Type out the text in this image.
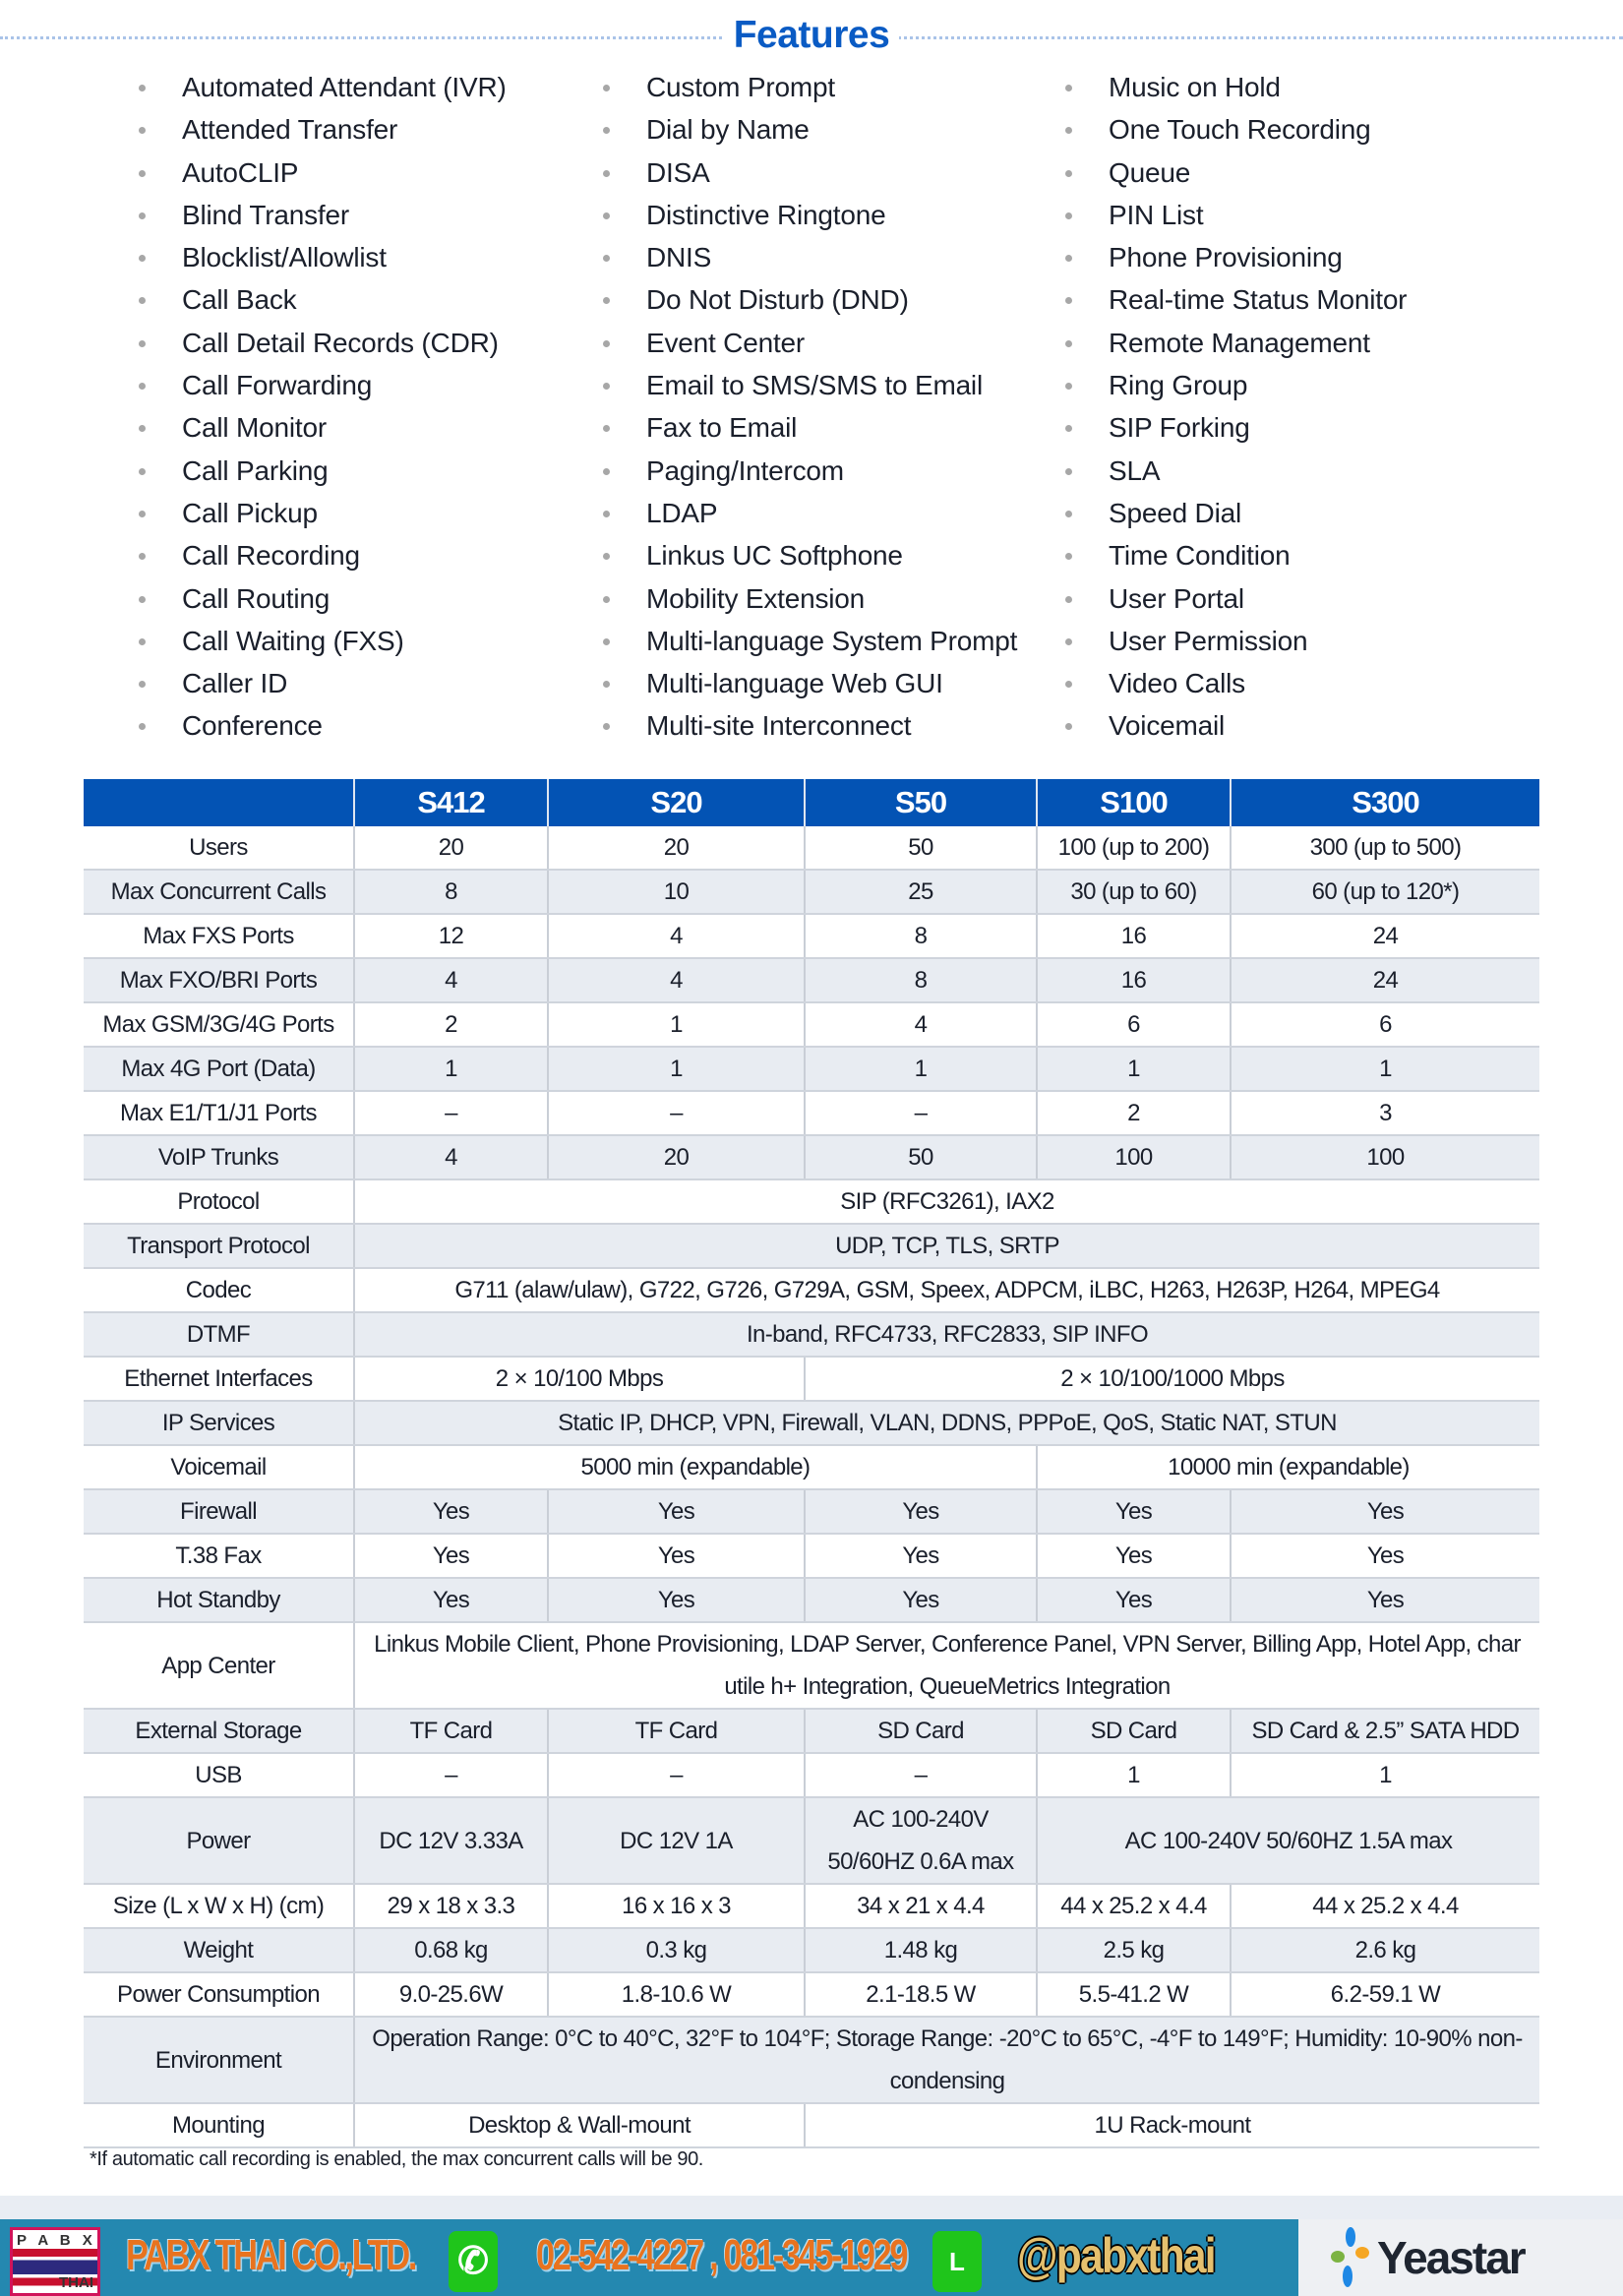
Features
Automated Attendant (IVR)
Attended Transfer
AutoCLIP
Blind Transfer
Blocklist/Allowlist
Call Back
Call Detail Records (CDR)
Call Forwarding
Call Monitor
Call Parking
Call Pickup
Call Recording
Call Routing
Call Waiting (FXS)
Caller ID
Conference
Custom Prompt
Dial by Name
DISA
Distinctive Ringtone
DNIS
Do Not Disturb (DND)
Event Center
Email to SMS/SMS to Email
Fax to Email
Paging/Intercom
LDAP
Linkus UC Softphone
Mobility Extension
Multi-language System Prompt
Multi-language Web GUI
Multi-site Interconnect
Music on Hold
One Touch Recording
Queue
PIN List
Phone Provisioning
Real-time Status Monitor
Remote Management
Ring Group
SIP Forking
SLA
Speed Dial
Time Condition
User Portal
User Permission
Video Calls
Voicemail
	S412	S20	S50	S100	S300
Users	20	20	50	100 (up to 200)	300 (up to 500)
Max Concurrent Calls	8	10	25	30 (up to 60)	60 (up to 120*)
Max FXS Ports	12	4	8	16	24
Max FXO/BRI Ports	4	4	8	16	24
Max GSM/3G/4G Ports	2	1	4	6	6
Max 4G Port (Data)	1	1	1	1	1
Max E1/T1/J1 Ports	–	–	–	2	3
VoIP Trunks	4	20	50	100	100
Protocol	SIP (RFC3261), IAX2				
Transport Protocol	UDP, TCP, TLS, SRTP				
Codec	G711 (alaw/ulaw), G722, G726, G729A, GSM, Speex, ADPCM, iLBC, H263, H263P, H264, MPEG4				
DTMF	In-band, RFC4733, RFC2833, SIP INFO				
Ethernet Interfaces	2 × 10/100 Mbps		2 × 10/100/1000 Mbps		
IP Services	Static IP, DHCP, VPN, Firewall, VLAN, DDNS, PPPoE, QoS, Static NAT, STUN				
Voicemail	5000 min (expandable)			10000 min (expandable)	
Firewall	Yes	Yes	Yes	Yes	Yes
T.38 Fax	Yes	Yes	Yes	Yes	Yes
Hot Standby	Yes	Yes	Yes	Yes	Yes
App Center	Linkus Mobile Client, Phone Provisioning, LDAP Server, Conference Panel, VPN Server, Billing App, Hotel App, char utile h+ Integration, QueueMetrics Integration				
External Storage	TF Card	TF Card	SD Card	SD Card	SD Card & 2.5” SATA HDD
USB	–	–	–	1	1
Power	DC 12V 3.33A	DC 12V 1A	AC 100-240V 50/60HZ 0.6A max	AC 100-240V 50/60HZ 1.5A max	
Size (L x W x H) (cm)	29 x 18 x 3.3	16 x 16 x 3	34 x 21 x 4.4	44 x 25.2 x 4.4	44 x 25.2 x 4.4
Weight	0.68 kg	0.3 kg	1.48 kg	2.5 kg	2.6 kg
Power Consumption	9.0-25.6W	1.8-10.6 W	2.1-18.5 W	5.5-41.2 W	6.2-59.1 W
Environment	Operation Range: 0°C to 40°C, 32°F to 104°F; Storage Range: -20°C to 65°C, -4°F to 149°F; Humidity: 10-90% non-condensing				
Mounting	Desktop & Wall-mount		1U Rack-mount		
*If automatic call recording is enabled, the max concurrent calls will be 90.
P A B X
THAI
PABX THAI CO.,LTD. ✆ 02-542-4227 , 081-345-1929	L	@pabxthai	Yeastar
